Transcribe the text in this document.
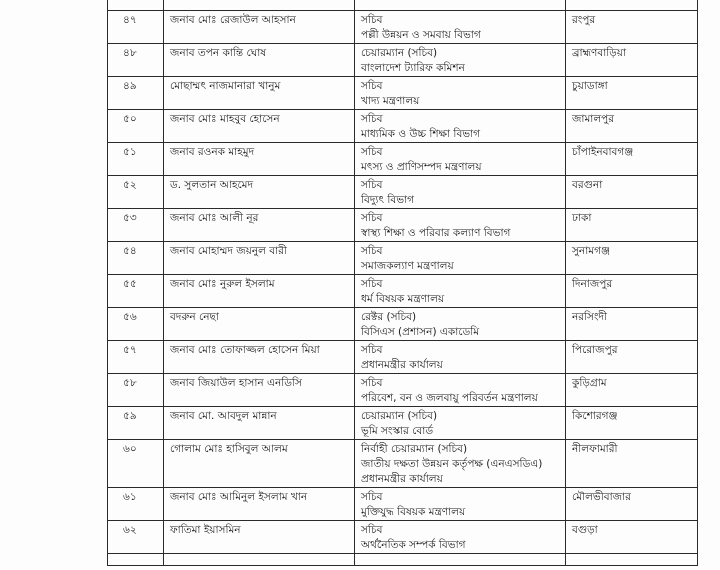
৪৭	জনাব মোঃ রেজাউল আহসান	সচিব
পল্লী উন্নয়ন ও সমবায় বিভাগ	রংপুর
৪৮	জনাব তপন কান্তি ঘোষ	চেয়ারম্যান (সচিব)
বাংলাদেশ ট্যারিফ কমিশন	ব্রাহ্মণবাড়িয়া
৪৯	মোছাম্মৎ নাজমানারা খানুম	সচিব
খাদ্য মন্ত্রণালয়	চুয়াডাঙ্গা
৫০	জনাব মোঃ মাহবুব হোসেন	সচিব
মাধ্যমিক ও উচ্চ শিক্ষা বিভাগ	জামালপুর
৫১	জনাব রওনক মাহমুদ	সচিব
মৎস্য ও প্রাণিসম্পদ মন্ত্রণালয়	চাঁপাইনবাবগঞ্জ
৫২	ড. সুলতান আহমেদ	সচিব
বিদ্যুৎ বিভাগ	বরগুনা
৫৩	জনাব মোঃ আলী নূর	সচিব
স্বাস্থ্য শিক্ষা ও পরিবার কল্যাণ বিভাগ	ঢাকা
৫৪	জনাব মোহাম্মদ জয়নুল বারী	সচিব
সমাজকল্যাণ মন্ত্রণালয়	সুনামগঞ্জ
৫৫	জনাব মোঃ নুরুল ইসলাম	সচিব
ধর্ম বিষয়ক মন্ত্রণালয়	দিনাজপুর
৫৬	বদরুন নেছা	রেক্টর (সচিব)
বিসিএস (প্রশাসন) একাডেমি	নরসিংদী
৫৭	জনাব মোঃ তোফাজ্জল হোসেন মিয়া	সচিব
প্রধানমন্ত্রীর কার্যালয়	পিরোজপুর
৫৮	জনাব জিয়াউল হাসান এনডিসি	সচিব
পরিবেশ, বন ও জলবায়ু পরিবর্তন মন্ত্রণালয়	কুড়িগ্রাম
৫৯	জনাব মো. আবদুল মান্নান	চেয়ারম্যান (সচিব)
ভূমি সংস্কার বোর্ড	কিশোরগঞ্জ
৬০	গোলাম মোঃ হাসিবুল আলম	নির্বাহী চেয়ারম্যান (সচিব)
জাতীয় দক্ষতা উন্নয়ন কর্তৃপক্ষ (এনএসডিএ)
প্রধানমন্ত্রীর কার্যালয়	নীলফামারী
৬১	জনাব মোঃ আমিনুল ইসলাম খান	সচিব
মুক্তিযুদ্ধ বিষয়ক মন্ত্রণালয়	মৌলভীবাজার
৬২	ফাতিমা ইয়াসমিন	সচিব
অর্থনৈতিক সম্পর্ক বিভাগ	বগুড়া
